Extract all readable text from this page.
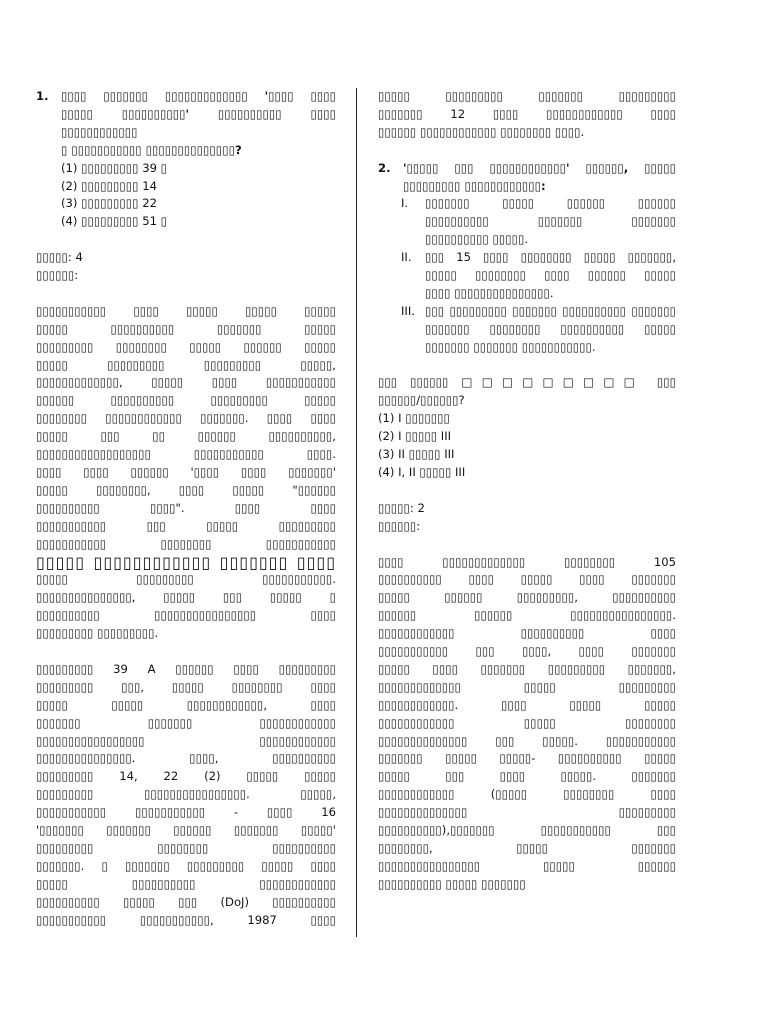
1.	▯▯▯▯ ▯▯▯▯▯▯▯ ▯▯▯▯▯▯▯▯▯▯▯▯▯ '▯▯▯▯ ▯▯▯▯
▯▯▯▯▯ ▯▯▯▯▯▯▯▯▯▯' ▯▯▯▯▯▯▯▯▯▯ ▯▯▯▯ ▯▯▯▯▯▯▯▯▯▯▯▯
▯ ▯▯▯▯▯▯▯▯▯▯▯ ▯▯▯▯▯▯▯▯▯▯▯▯▯▯?
(1) ▯▯▯▯▯▯▯▯▯ 39 ▯
(2) ▯▯▯▯▯▯▯▯▯ 14
(3) ▯▯▯▯▯▯▯▯▯ 22
(4) ▯▯▯▯▯▯▯▯▯ 51 ▯
▯▯▯▯▯: 4
▯▯▯▯▯▯:
▯▯▯▯▯▯▯▯▯▯▯ ▯▯▯▯ ▯▯▯▯▯ ▯▯▯▯▯ ▯▯▯▯▯
▯▯▯▯▯ ▯▯▯▯▯▯▯▯▯▯ ▯▯▯▯▯▯▯ ▯▯▯▯▯
▯▯▯▯▯▯▯▯▯ ▯▯▯▯▯▯▯▯ ▯▯▯▯▯ ▯▯▯▯▯▯ ▯▯▯▯▯
▯▯▯▯▯ ▯▯▯▯▯▯▯▯▯ ▯▯▯▯▯▯▯▯▯ ▯▯▯▯▯,
▯▯▯▯▯▯▯▯▯▯▯▯▯, ▯▯▯▯▯ ▯▯▯▯ ▯▯▯▯▯▯▯▯▯▯▯
▯▯▯▯▯▯ ▯▯▯▯▯▯▯▯▯▯ ▯▯▯▯▯▯▯▯▯ ▯▯▯▯▯
▯▯▯▯▯▯▯▯ ▯▯▯▯▯▯▯▯▯▯▯▯ ▯▯▯▯▯▯▯. ▯▯▯▯ ▯▯▯▯
▯▯▯▯▯ ▯▯▯ ▯▯ ▯▯▯▯▯▯ ▯▯▯▯▯▯▯▯▯▯,
▯▯▯▯▯▯▯▯▯▯▯▯▯▯▯▯▯▯ ▯▯▯▯▯▯▯▯▯▯▯ ▯▯▯▯.
▯▯▯▯ ▯▯▯▯ ▯▯▯▯▯▯ '▯▯▯▯ ▯▯▯▯ ▯▯▯▯▯▯▯'
▯▯▯▯▯ ▯▯▯▯▯▯▯▯, ▯▯▯▯ ▯▯▯▯▯ "▯▯▯▯▯▯
▯▯▯▯▯▯▯▯▯▯ ▯▯▯▯". ▯▯▯▯ ▯▯▯▯
▯▯▯▯▯▯▯▯▯▯▯ ▯▯▯ ▯▯▯▯▯ ▯▯▯▯▯▯▯▯▯
▯▯▯▯▯▯▯▯▯▯▯ ▯▯▯▯▯▯▯▯ ▯▯▯▯▯▯▯▯▯▯▯
▯▯▯▯▯ ▯▯▯▯▯▯▯▯▯▯▯▯ ▯▯▯▯▯▯▯ ▯▯▯▯
▯▯▯▯▯ ▯▯▯▯▯▯▯▯▯ ▯▯▯▯▯▯▯▯▯▯▯.
▯▯▯▯▯▯▯▯▯▯▯▯▯▯▯, ▯▯▯▯▯ ▯▯▯ ▯▯▯▯▯ ▯
▯▯▯▯▯▯▯▯▯▯ ▯▯▯▯▯▯▯▯▯▯▯▯▯▯▯▯ ▯▯▯▯
▯▯▯▯▯▯▯▯▯ ▯▯▯▯▯▯▯▯▯.
▯▯▯▯▯▯▯▯▯ 39 A ▯▯▯▯▯▯ ▯▯▯▯ ▯▯▯▯▯▯▯▯▯
▯▯▯▯▯▯▯▯▯ ▯▯▯, ▯▯▯▯▯ ▯▯▯▯▯▯▯▯ ▯▯▯▯
▯▯▯▯▯ ▯▯▯▯▯ ▯▯▯▯▯▯▯▯▯▯▯▯, ▯▯▯▯
▯▯▯▯▯▯▯ ▯▯▯▯▯▯▯ ▯▯▯▯▯▯▯▯▯▯▯▯
▯▯▯▯▯▯▯▯▯▯▯▯▯▯▯▯▯ ▯▯▯▯▯▯▯▯▯▯▯▯
▯▯▯▯▯▯▯▯▯▯▯▯▯▯▯. ▯▯▯▯, ▯▯▯▯▯▯▯▯▯▯
▯▯▯▯▯▯▯▯▯ 14, 22 (2) ▯▯▯▯▯ ▯▯▯▯▯
▯▯▯▯▯▯▯▯▯ ▯▯▯▯▯▯▯▯▯▯▯▯▯▯▯▯. ▯▯▯▯▯,
▯▯▯▯▯▯▯▯▯▯▯ ▯▯▯▯▯▯▯▯▯▯▯ - ▯▯▯▯ 16
'▯▯▯▯▯▯▯ ▯▯▯▯▯▯▯ ▯▯▯▯▯▯ ▯▯▯▯▯▯▯ ▯▯▯▯▯'
▯▯▯▯▯▯▯▯▯ ▯▯▯▯▯▯▯▯ ▯▯▯▯▯▯▯▯▯▯
▯▯▯▯▯▯▯. ▯ ▯▯▯▯▯▯▯ ▯▯▯▯▯▯▯▯▯ ▯▯▯▯▯ ▯▯▯▯
▯▯▯▯▯ ▯▯▯▯▯▯▯▯▯▯ ▯▯▯▯▯▯▯▯▯▯▯▯
▯▯▯▯▯▯▯▯▯▯ ▯▯▯▯▯ ▯▯▯ (DoJ) ▯▯▯▯▯▯▯▯▯▯
▯▯▯▯▯▯▯▯▯▯▯ ▯▯▯▯▯▯▯▯▯▯▯, 1987 ▯▯▯▯
▯▯▯▯▯ ▯▯▯▯▯▯▯▯▯ ▯▯▯▯▯▯▯ ▯▯▯▯▯▯▯▯▯
▯▯▯▯▯▯▯ 12 ▯▯▯▯ ▯▯▯▯▯▯▯▯▯▯▯▯ ▯▯▯▯
▯▯▯▯▯▯ ▯▯▯▯▯▯▯▯▯▯▯▯ ▯▯▯▯▯▯▯▯ ▯▯▯▯.
2.	'▯▯▯▯▯ ▯▯▯ ▯▯▯▯▯▯▯▯▯▯▯▯' ▯▯▯▯▯▯, ▯▯▯▯▯
▯▯▯▯▯▯▯▯▯ ▯▯▯▯▯▯▯▯▯▯▯▯:
I.	▯▯▯▯▯▯▯ ▯▯▯▯▯ ▯▯▯▯▯▯ ▯▯▯▯▯▯
▯▯▯▯▯▯▯▯▯▯ ▯▯▯▯▯▯▯ ▯▯▯▯▯▯▯
▯▯▯▯▯▯▯▯▯▯ ▯▯▯▯▯.
II.	▯▯▯ 15 ▯▯▯▯ ▯▯▯▯▯▯▯▯ ▯▯▯▯▯ ▯▯▯▯▯▯▯,
▯▯▯▯▯ ▯▯▯▯▯▯▯▯ ▯▯▯▯ ▯▯▯▯▯▯ ▯▯▯▯▯
▯▯▯▯ ▯▯▯▯▯▯▯▯▯▯▯▯▯▯▯.
III. ▯▯▯ ▯▯▯▯▯▯▯▯▯ ▯▯▯▯▯▯▯ ▯▯▯▯▯▯▯▯▯▯ ▯▯▯▯▯▯▯
▯▯▯▯▯▯▯ ▯▯▯▯▯▯▯▯ ▯▯▯▯▯▯▯▯▯▯ ▯▯▯▯▯
▯▯▯▯▯▯▯ ▯▯▯▯▯▯▯ ▯▯▯▯▯▯▯▯▯▯▯.
▯▯▯ ▯▯▯▯▯▯ □□□□□□□□□ ▯▯▯
▯▯▯▯▯▯/▯▯▯▯▯▯?
(1) I ▯▯▯▯▯▯▯
(2) I ▯▯▯▯▯ III
(3) II ▯▯▯▯▯ III
(4) I, II ▯▯▯▯▯ III
▯▯▯▯▯: 2
▯▯▯▯▯▯:
▯▯▯▯ ▯▯▯▯▯▯▯▯▯▯▯▯▯ ▯▯▯▯▯▯▯▯ 105
▯▯▯▯▯▯▯▯▯▯ ▯▯▯▯ ▯▯▯▯▯ ▯▯▯▯ ▯▯▯▯▯▯▯
▯▯▯▯▯ ▯▯▯▯▯▯ ▯▯▯▯▯▯▯▯▯, ▯▯▯▯▯▯▯▯▯▯
▯▯▯▯▯▯ ▯▯▯▯▯▯ ▯▯▯▯▯▯▯▯▯▯▯▯▯▯▯▯.
▯▯▯▯▯▯▯▯▯▯▯▯ ▯▯▯▯▯▯▯▯▯▯ ▯▯▯▯
▯▯▯▯▯▯▯▯▯▯▯ ▯▯▯ ▯▯▯▯, ▯▯▯▯ ▯▯▯▯▯▯▯
▯▯▯▯▯ ▯▯▯▯ ▯▯▯▯▯▯▯ ▯▯▯▯▯▯▯▯▯ ▯▯▯▯▯▯▯,
▯▯▯▯▯▯▯▯▯▯▯▯▯ ▯▯▯▯▯ ▯▯▯▯▯▯▯▯▯
▯▯▯▯▯▯▯▯▯▯▯▯. ▯▯▯▯ ▯▯▯▯▯ ▯▯▯▯▯
▯▯▯▯▯▯▯▯▯▯▯▯ ▯▯▯▯▯ ▯▯▯▯▯▯▯▯
▯▯▯▯▯▯▯▯▯▯▯▯▯▯ ▯▯▯ ▯▯▯▯▯. ▯▯▯▯▯▯▯▯▯▯▯
▯▯▯▯▯▯▯ ▯▯▯▯▯ ▯▯▯▯▯- ▯▯▯▯▯▯▯▯▯▯ ▯▯▯▯▯
▯▯▯▯▯ ▯▯▯ ▯▯▯▯ ▯▯▯▯▯. ▯▯▯▯▯▯▯
▯▯▯▯▯▯▯▯▯▯▯▯ (▯▯▯▯▯ ▯▯▯▯▯▯▯▯ ▯▯▯▯
▯▯▯▯▯▯▯▯▯▯▯▯▯▯ ▯▯▯▯▯▯▯▯▯
▯▯▯▯▯▯▯▯▯▯),▯▯▯▯▯▯▯ ▯▯▯▯▯▯▯▯▯▯▯ ▯▯▯
▯▯▯▯▯▯▯▯, ▯▯▯▯▯ ▯▯▯▯▯▯▯
▯▯▯▯▯▯▯▯▯▯▯▯▯▯▯▯ ▯▯▯▯▯ ▯▯▯▯▯▯
▯▯▯▯▯▯▯▯▯▯ ▯▯▯▯▯ ▯▯▯▯▯▯▯
